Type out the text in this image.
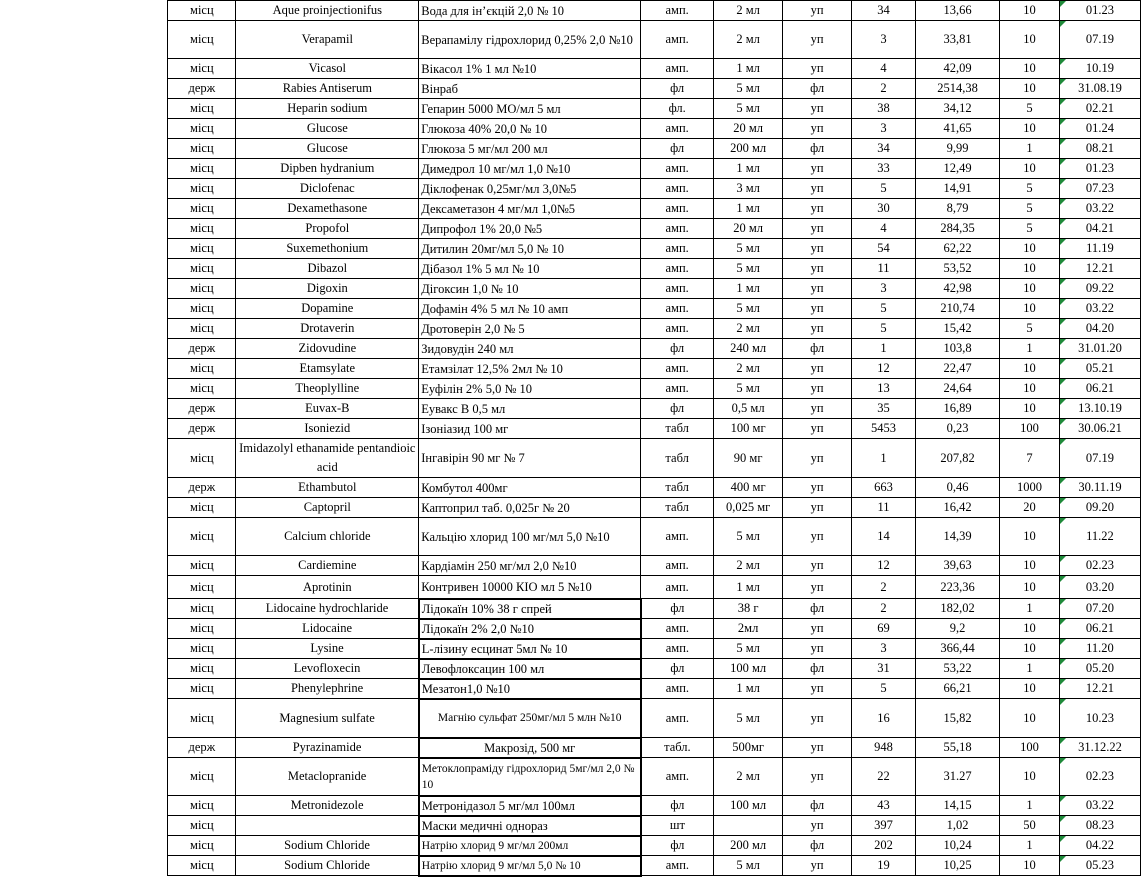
	місц	Aque proinjectionifus	Вода для ін’єкцій 2,0 № 10	амп.	2 мл	уп	34	13,66	10	01.23
	місц	Verapamil	Верапамілу гідрохлорид 0,25% 2,0 №10	амп.	2 мл	уп	3	33,81	10	07.19
	місц	Vicasol	Вікасол 1% 1 мл №10	амп.	1 мл	уп	4	42,09	10	10.19
	держ	Rabies Antiserum	Вінраб	фл	5 мл	фл	2	2514,38	10	31.08.19
	місц	Heparin sodium	Гепарин 5000 МО/мл 5 мл	фл.	5 мл	уп	38	34,12	5	02.21
	місц	Glucose	Глюкоза 40% 20,0 № 10	амп.	20 мл	уп	3	41,65	10	01.24
	місц	Glucose	Глюкоза 5 мг/мл 200 мл	фл	200 мл	фл	34	9,99	1	08.21
	місц	Dipben hydranium	Димедрол 10 мг/мл 1,0 №10	амп.	1 мл	уп	33	12,49	10	01.23
	місц	Diclofenac	Діклофенак 0,25мг/мл 3,0№5	амп.	3 мл	уп	5	14,91	5	07.23
	місц	Dexamethasone	Дексаметазон 4 мг/мл 1,0№5	амп.	1 мл	уп	30	8,79	5	03.22
	місц	Propofol	Дипрофол 1% 20,0 №5	амп.	20 мл	уп	4	284,35	5	04.21
	місц	Suxemethonium	Дитилин 20мг/мл 5,0 № 10	амп.	5 мл	уп	54	62,22	10	11.19
	місц	Dibazol	Дібазол 1% 5 мл № 10	амп.	5 мл	уп	11	53,52	10	12.21
	місц	Digoxin	Дігоксин 1,0 № 10	амп.	1 мл	уп	3	42,98	10	09.22
	місц	Dopamine	Дофамін 4% 5 мл № 10 амп	амп.	5 мл	уп	5	210,74	10	03.22
	місц	Drotaverin	Дротоверін 2,0 № 5	амп.	2 мл	уп	5	15,42	5	04.20
	держ	Zidovudine	Зидовудін 240 мл	фл	240 мл	фл	1	103,8	1	31.01.20
	місц	Etamsylate	Етамзілат 12,5% 2мл № 10	амп.	2 мл	уп	12	22,47	10	05.21
	місц	Theoplylline	Еуфілін 2% 5,0 № 10	амп.	5 мл	уп	13	24,64	10	06.21
	держ	Euvax-B	Еувакс В 0,5 мл	фл	0,5 мл	уп	35	16,89	10	13.10.19
	держ	Isoniezid	Ізоніазид 100 мг	табл	100 мг	уп	5453	0,23	100	30.06.21
	місц	Imidazolyl ethanamide pentandioic acid	Інгавірін 90 мг № 7	табл	90 мг	уп	1	207,82	7	07.19
	держ	Ethambutol	Комбутол 400мг	табл	400 мг	уп	663	0,46	1000	30.11.19
	місц	Captopril	Каптоприл таб. 0,025г № 20	табл	0,025 мг	уп	11	16,42	20	09.20
	місц	Calcium chloride	Кальцію хлорид 100 мг/мл 5,0 №10	амп.	5 мл	уп	14	14,39	10	11.22
	місц	Cardiemine	Кардіамін 250 мг/мл 2,0 №10	амп.	2 мл	уп	12	39,63	10	02.23
	місц	Aprotinin	Контривен 10000 КІО мл 5 №10	амп.	1 мл	уп	2	223,36	10	03.20
	місц	Lidocaine hydrochlaride	Лідокаїн 10% 38 г спрей	фл	38 г	фл	2	182,02	1	07.20
	місц	Lidocaine	Лідокаїн 2% 2,0 №10	амп.	2мл	уп	69	9,2	10	06.21
	місц	Lysine	L-лізину есцинат 5мл № 10	амп.	5 мл	уп	3	366,44	10	11.20
	місц	Levofloxecin	Левофлоксацин 100 мл	фл	100 мл	фл	31	53,22	1	05.20
	місц	Phenylephrine	Мезатон1,0 №10	амп.	1 мл	уп	5	66,21	10	12.21
	місц	Magnesium sulfate	Магнію сульфат 250мг/мл 5 млн №10	амп.	5 мл	уп	16	15,82	10	10.23
	держ	Pyrazinamide	Макрозід, 500 мг	табл.	500мг	уп	948	55,18	100	31.12.22
	місц	Metaclopranide	Метоклопраміду гідрохлорид 5мг/мл 2,0 № 10	амп.	2 мл	уп	22	31.27	10	02.23
	місц	Metronidezole	Метронідазол 5 мг/мл 100мл	фл	100 мл	фл	43	14,15	1	03.22
	місц		Маски медичні однораз	шт		уп	397	1,02	50	08.23
	місц	Sodium Chloride	Натрію хлорид 9 мг/мл 200мл	фл	200 мл	фл	202	10,24	1	04.22
	місц	Sodium Chloride	Натрію хлорид 9 мг/мл 5,0 № 10	амп.	5 мл	уп	19	10,25	10	05.23
